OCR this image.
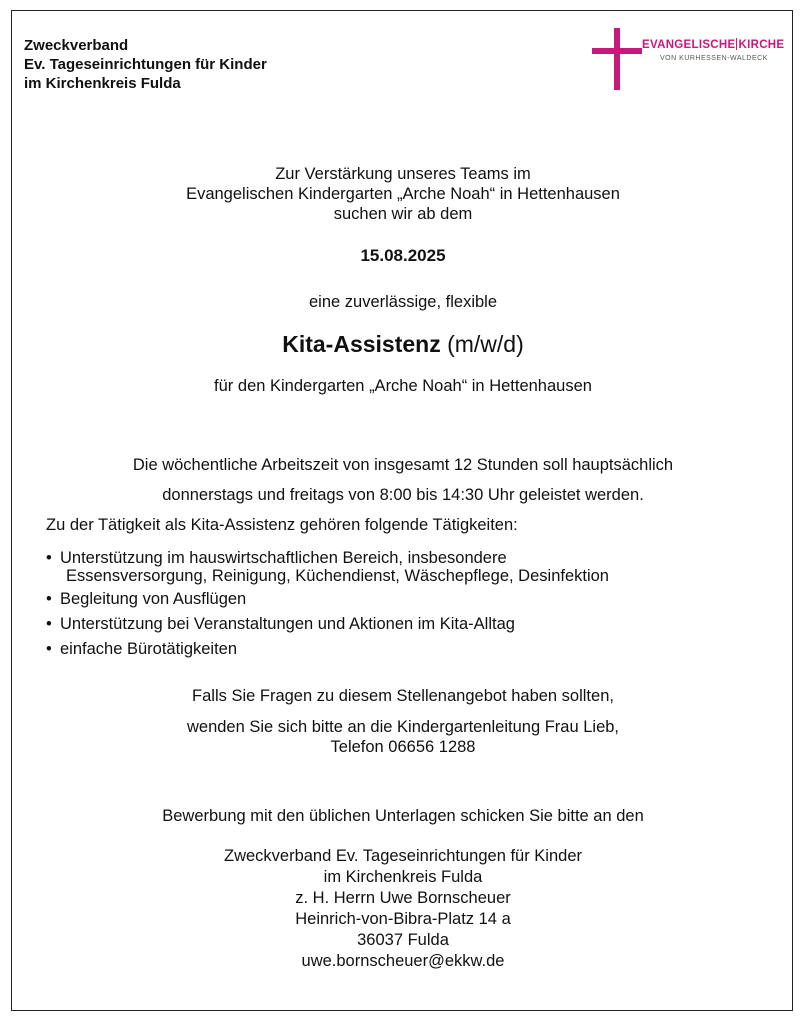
Zweckverband
Ev. Tageseinrichtungen für Kinder
im Kirchenkreis Fulda
EVANGELISCHE KIRCHE
VON KURHESSEN-WALDECK
Zur Verstärkung unseres Teams im
Evangelischen Kindergarten „Arche Noah“ in Hettenhausen
suchen wir ab dem
15.08.2025
eine zuverlässige, flexible
Kita-Assistenz (m/w/d)
für den Kindergarten „Arche Noah“ in Hettenhausen
Die wöchentliche Arbeitszeit von insgesamt 12 Stunden soll hauptsächlich
donnerstags und freitags von 8:00 bis 14:30 Uhr geleistet werden.
Zu der Tätigkeit als Kita-Assistenz gehören folgende Tätigkeiten:
• Unterstützung im hauswirtschaftlichen Bereich, insbesondere
Essensversorgung, Reinigung, Küchendienst, Wäschepflege, Desinfektion
• Begleitung von Ausflügen
• Unterstützung bei Veranstaltungen und Aktionen im Kita-Alltag
• einfache Bürotätigkeiten
Falls Sie Fragen zu diesem Stellenangebot haben sollten,
wenden Sie sich bitte an die Kindergartenleitung Frau Lieb,
Telefon 06656 1288
Bewerbung mit den üblichen Unterlagen schicken Sie bitte an den
Zweckverband Ev. Tageseinrichtungen für Kinder
im Kirchenkreis Fulda
z. H. Herrn Uwe Bornscheuer
Heinrich-von-Bibra-Platz 14 a
36037 Fulda
uwe.bornscheuer@ekkw.de
